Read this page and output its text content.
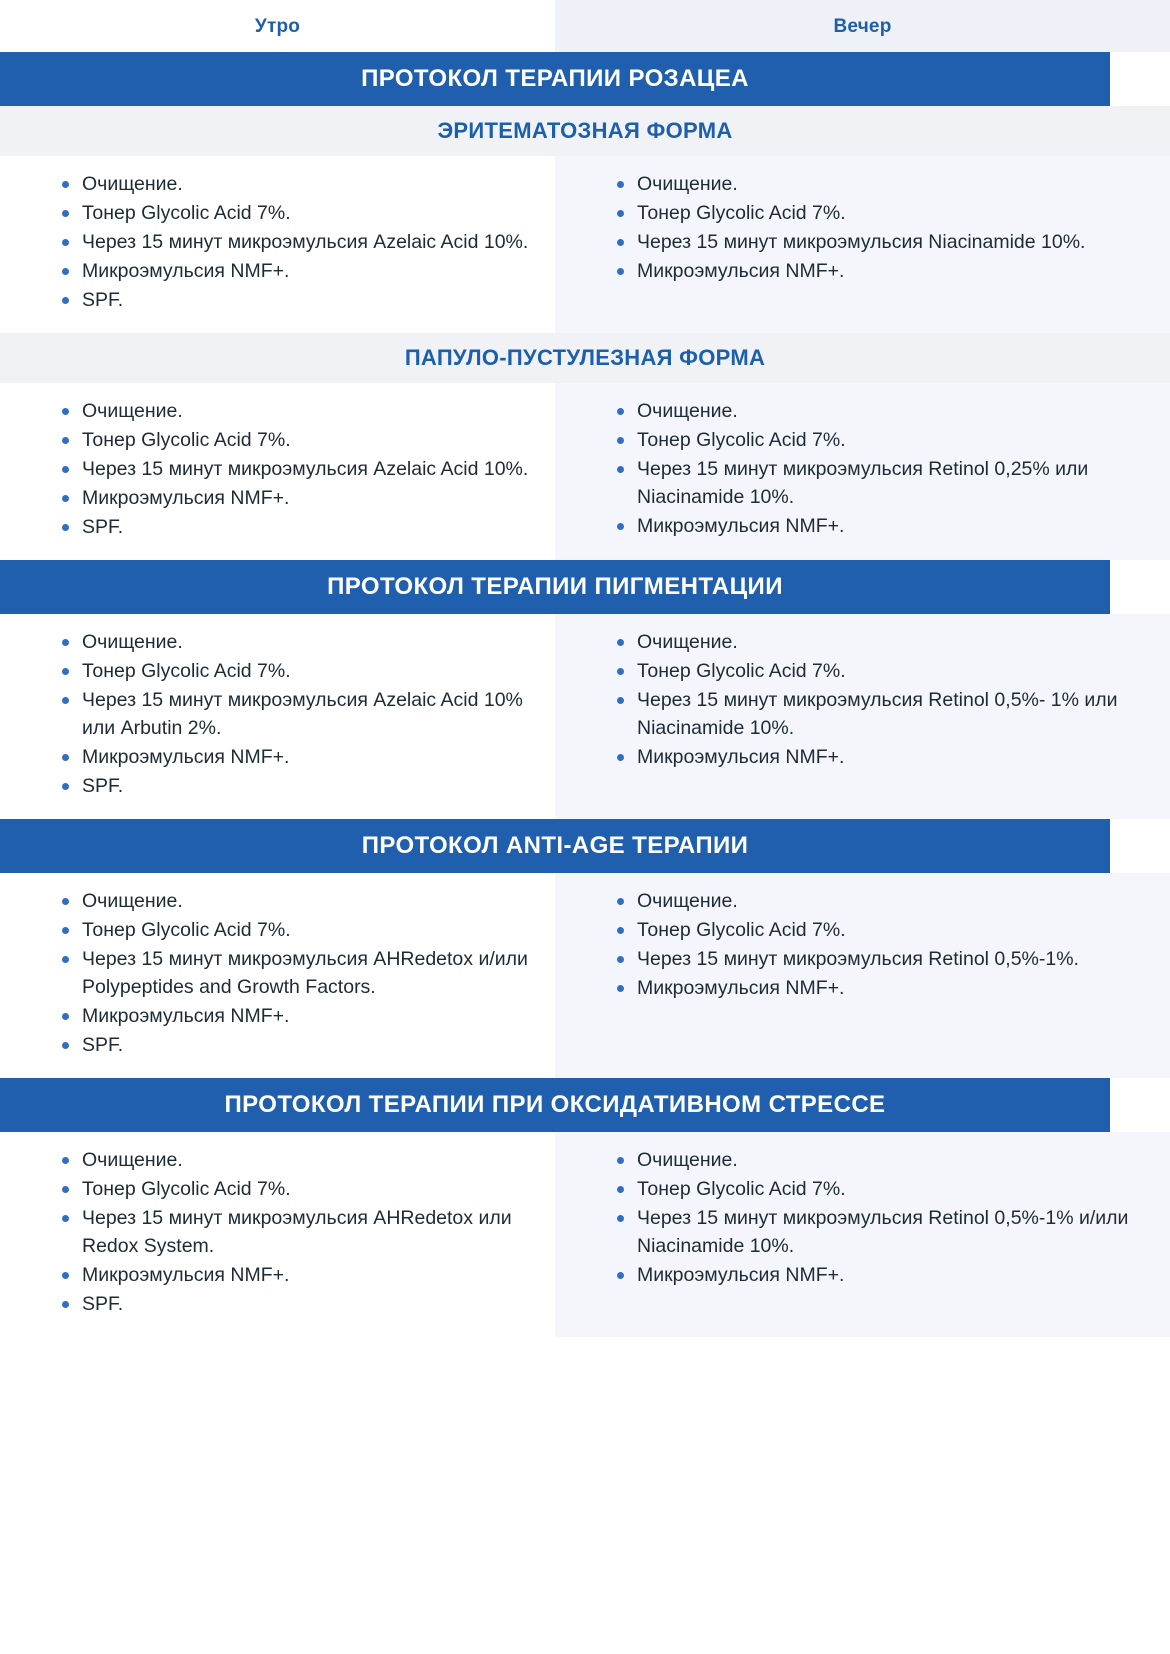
Утро	Вечер
ПРОТОКОЛ ТЕРАПИИ РОЗАЦЕА
ЭРИТЕМАТОЗНАЯ ФОРМА
Очищение.
Тонер Glycolic Acid 7%.
Через 15 минут микроэмульсия Azelaic Acid 10%.
Микроэмульсия NMF+.
SPF.
Очищение.
Тонер Glycolic Acid 7%.
Через 15 минут микроэмульсия Niacinamide 10%.
Микроэмульсия NMF+.
ПАПУЛО-ПУСТУЛЕЗНАЯ ФОРМА
Очищение.
Тонер Glycolic Acid 7%.
Через 15 минут микроэмульсия Azelaic Acid 10%.
Микроэмульсия NMF+.
SPF.
Очищение.
Тонер Glycolic Acid 7%.
Через 15 минут микроэмульсия Retinol 0,25% или Niacinamide 10%.
Микроэмульсия NMF+.
ПРОТОКОЛ ТЕРАПИИ ПИГМЕНТАЦИИ
Очищение.
Тонер Glycolic Acid 7%.
Через 15 минут микроэмульсия Azelaic Acid 10% или Arbutin 2%.
Микроэмульсия NMF+.
SPF.
Очищение.
Тонер Glycolic Acid 7%.
Через 15 минут микроэмульсия Retinol 0,5%- 1% или Niacinamide 10%.
Микроэмульсия NMF+.
ПРОТОКОЛ ANTI-AGE ТЕРАПИИ
Очищение.
Тонер Glycolic Acid 7%.
Через 15 минут микроэмульсия AHRedetox и/или Polypeptides and Growth Factors.
Микроэмульсия NMF+.
SPF.
Очищение.
Тонер Glycolic Acid 7%.
Через 15 минут микроэмульсия Retinol 0,5%-1%.
Микроэмульсия NMF+.
ПРОТОКОЛ ТЕРАПИИ ПРИ ОКСИДАТИВНОМ СТРЕССЕ
Очищение.
Тонер Glycolic Acid 7%.
Через 15 минут микроэмульсия AHRedetox или Redox System.
Микроэмульсия NMF+.
SPF.
Очищение.
Тонер Glycolic Acid 7%.
Через 15 минут микроэмульсия Retinol 0,5%-1% и/или Niacinamide 10%.
Микроэмульсия NMF+.
